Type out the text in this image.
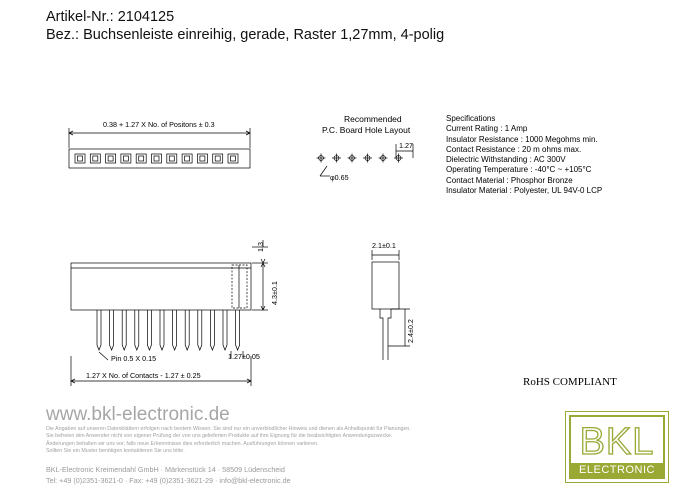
Artikel-Nr.: 2104125
Bez.: Buchsenleiste einreihig, gerade, Raster 1,27mm, 4-polig
0.38 + 1.27 X No. of Positons ± 0.3
Recommended
P.C. Board Hole Layout
1.27
φ0.65
1.3
4.3±0.1
2.1±0.1
2.4±0.2
Pin 0.5 X 0.15	1.27±0.05
1.27 X No. of Contacts - 1.27 ± 0.25
Specifications
Current Rating : 1 Amp
Insulator Resistance : 1000 Megohms min.
Contact Resistance : 20 m ohms max.
Dielectric Withstanding : AC 300V
Operating Temperature : -40°C ~ +105°C
Contact Material : Phosphor Bronze
Insulator Material : Polyester, UL 94V-0 LCP
RoHS COMPLIANT
www.bkl-electronic.de
Die Angaben auf unseren Datenblättern erfolgen nach bestem Wissen. Sie sind nur ein unverbindlicher Hinweis und dienen als Anhaltspunkt für Planungen.
Sie befreien den Anwender nicht von eigener Prüfung der von uns gelieferten Produkte auf ihre Eignung für die beabsichtigten Anwendungszwecke.
Änderungen behalten wir uns vor, falls neue Erkenntnisse dies erforderlich machen. Ausführungen können variieren.
Sollten Sie ein Muster benötigen kontaktieren Sie uns bitte.
BKL-Electronic Kreimendahl GmbH · Märkenstück 14 · 58509 Lüdenscheid
Tel: +49 (0)2351-3621-0 · Fax: +49 (0)2351-3621-29 · info@bkl-electronic.de
BKL
ELECTRONIC
